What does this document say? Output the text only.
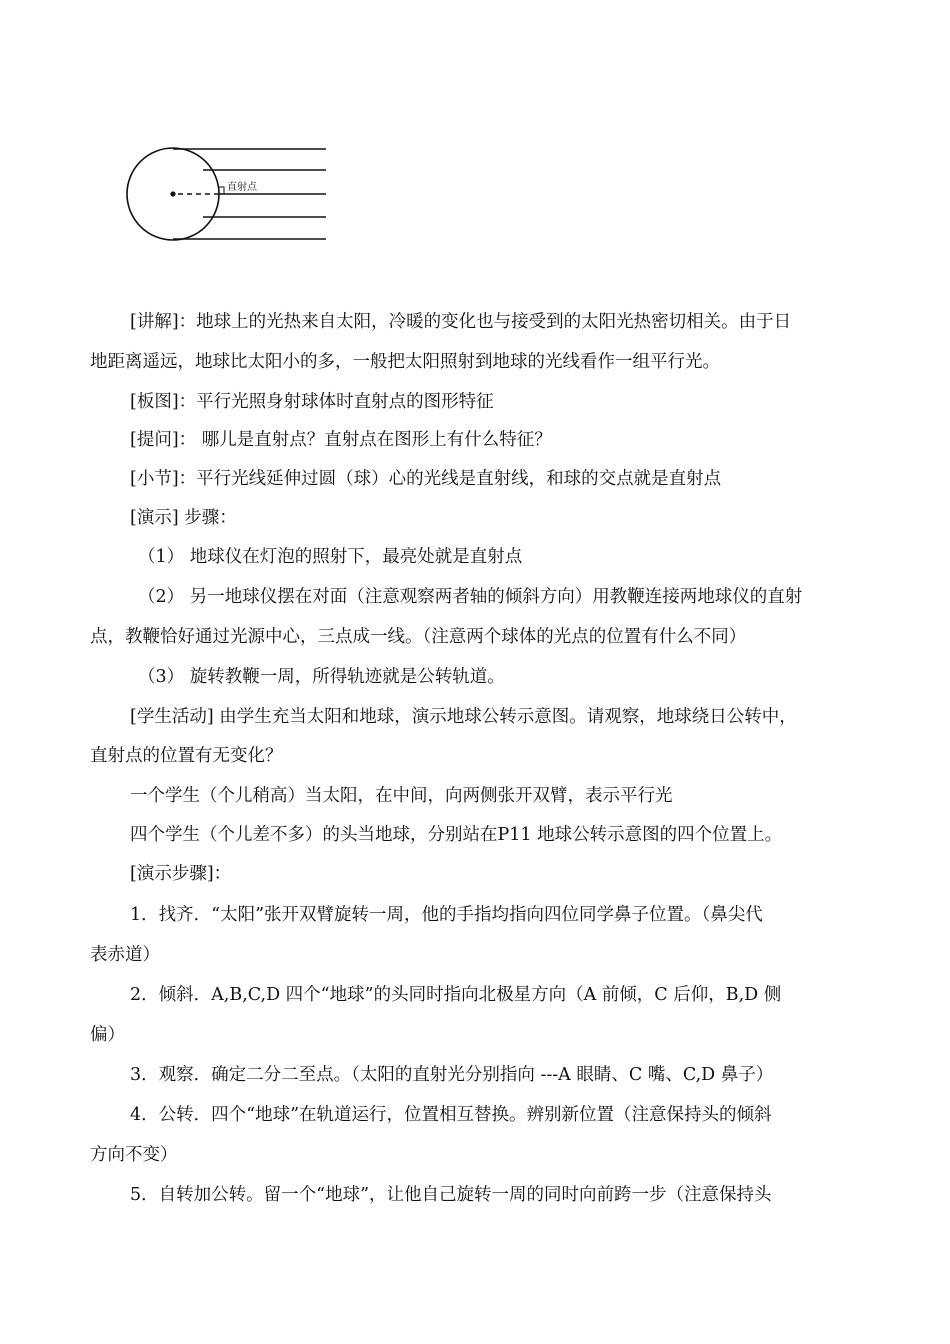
直射点

[讲解]：地球上的光热来自太阳，冷暖的变化也与接受到的太阳光热密切相关。由于日

地距离遥远，地球比太阳小的多，一般把太阳照射到地球的光线看作一组平行光。

[板图]：平行光照身射球体时直射点的图形特征

[提问]： 哪儿是直射点？直射点在图形上有什么特征？

[小节]：平行光线延伸过圆（球）心的光线是直射线，和球的交点就是直射点

[演示] 步骤：

（1） 地球仪在灯泡的照射下，最亮处就是直射点

（2） 另一地球仪摆在对面（注意观察两者轴的倾斜方向）用教鞭连接两地球仪的直射

点，教鞭恰好通过光源中心，三点成一线。（注意两个球体的光点的位置有什么不同）

（3） 旋转教鞭一周，所得轨迹就是公转轨道。

[学生活动] 由学生充当太阳和地球，演示地球公转示意图。请观察，地球绕日公转中，

直射点的位置有无变化？

一个学生（个儿稍高）当太阳，在中间，向两侧张开双臂，表示平行光

四个学生（个儿差不多）的头当地球，分别站在P11 地球公转示意图的四个位置上。

[演示步骤]：

1．找齐．“太阳”张开双臂旋转一周，他的手指均指向四位同学鼻子位置。（鼻尖代

表赤道）

2．倾斜．A,B,C,D 四个“地球”的头同时指向北极星方向（A 前倾，C 后仰，B,D 侧

偏）

3．观察．确定二分二至点。（太阳的直射光分别指向 ---A 眼睛、C 嘴、C,D 鼻子）

4．公转．四个“地球”在轨道运行，位置相互替换。辨别新位置（注意保持头的倾斜

方向不变）

5．自转加公转。留一个“地球”，让他自己旋转一周的同时向前跨一步（注意保持头
